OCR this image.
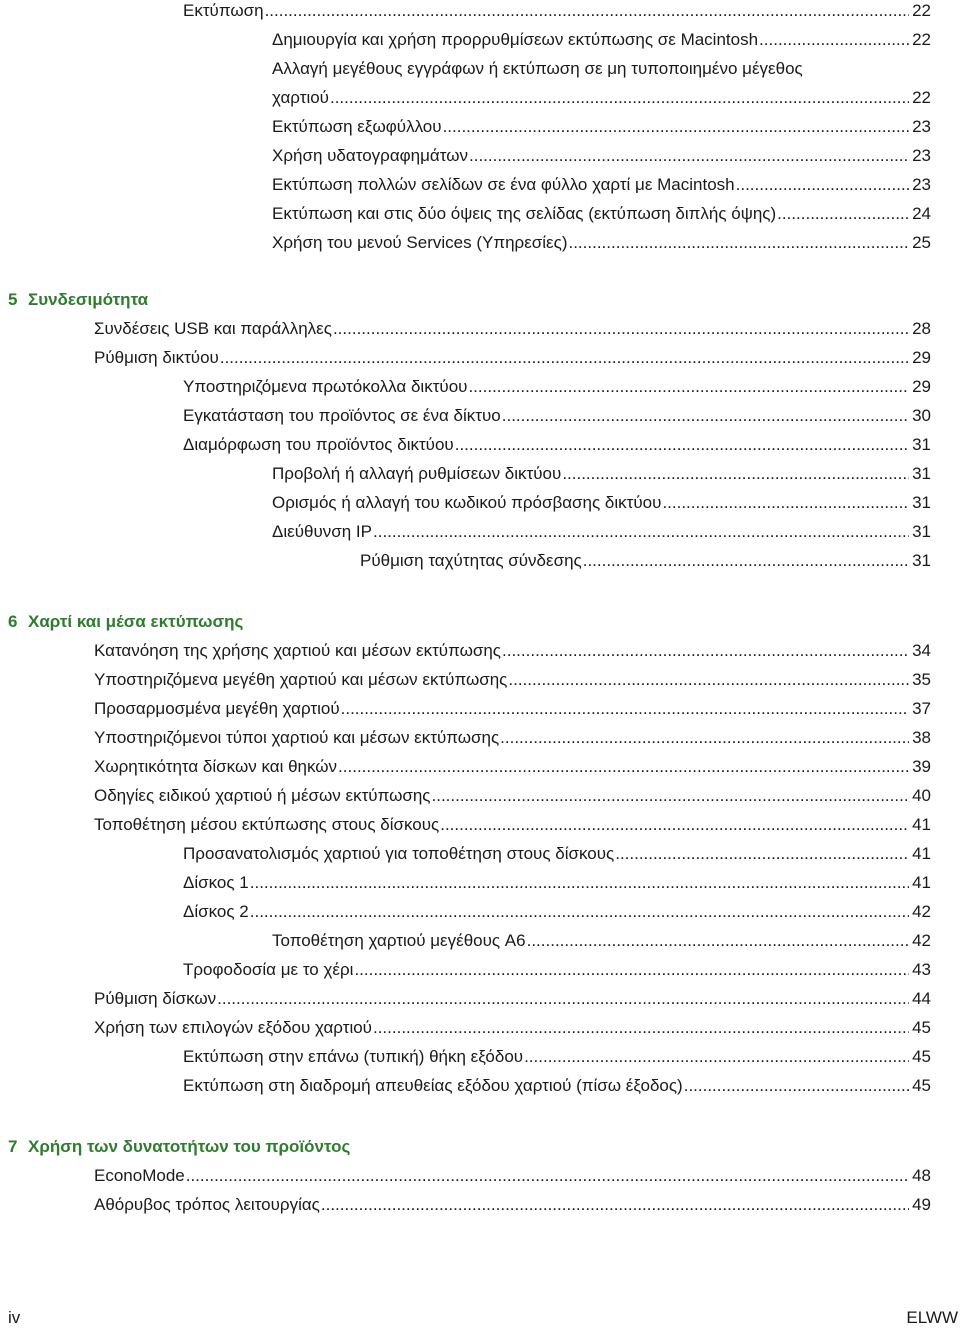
Εκτύπωση .....	22
Δημιουργία και χρήση προρρυθμίσεων εκτύπωσης σε Macintosh .....	22
Αλλαγή μεγέθους εγγράφων ή εκτύπωση σε μη τυποποιημένο μέγεθος
χαρτιού .....	22
Εκτύπωση εξωφύλλου .....	23
Χρήση υδατογραφημάτων .....	23
Εκτύπωση πολλών σελίδων σε ένα φύλλο χαρτί με Macintosh .....	23
Εκτύπωση και στις δύο όψεις της σελίδας (εκτύπωση διπλής όψης) .....	24
Χρήση του μενού Services (Υπηρεσίες) .....	25
5 Συνδεσιμότητα
Συνδέσεις USB και παράλληλες .....	28
Ρύθμιση δικτύου .....	29
Υποστηριζόμενα πρωτόκολλα δικτύου .....	29
Εγκατάσταση του προϊόντος σε ένα δίκτυο .....	30
Διαμόρφωση του προϊόντος δικτύου .....	31
Προβολή ή αλλαγή ρυθμίσεων δικτύου .....	31
Ορισμός ή αλλαγή του κωδικού πρόσβασης δικτύου .....	31
Διεύθυνση IP .....	31
Ρύθμιση ταχύτητας σύνδεσης .....	31
6 Χαρτί και μέσα εκτύπωσης
Κατανόηση της χρήσης χαρτιού και μέσων εκτύπωσης .....	34
Υποστηριζόμενα μεγέθη χαρτιού και μέσων εκτύπωσης .....	35
Προσαρμοσμένα μεγέθη χαρτιού .....	37
Υποστηριζόμενοι τύποι χαρτιού και μέσων εκτύπωσης .....	38
Χωρητικότητα δίσκων και θηκών .....	39
Οδηγίες ειδικού χαρτιού ή μέσων εκτύπωσης .....	40
Τοποθέτηση μέσου εκτύπωσης στους δίσκους .....	41
Προσανατολισμός χαρτιού για τοποθέτηση στους δίσκους .....	41
Δίσκος 1 .....	41
Δίσκος 2 .....	42
Τοποθέτηση χαρτιού μεγέθους A6 .....	42
Τροφοδοσία με το χέρι .....	43
Ρύθμιση δίσκων .....	44
Χρήση των επιλογών εξόδου χαρτιού .....	45
Εκτύπωση στην επάνω (τυπική) θήκη εξόδου .....	45
Εκτύπωση στη διαδρομή απευθείας εξόδου χαρτιού (πίσω έξοδος) .....	45
7 Χρήση των δυνατοτήτων του προϊόντος
EconoMode .....	48
Αθόρυβος τρόπος λειτουργίας .....	49
iv	ELWW
